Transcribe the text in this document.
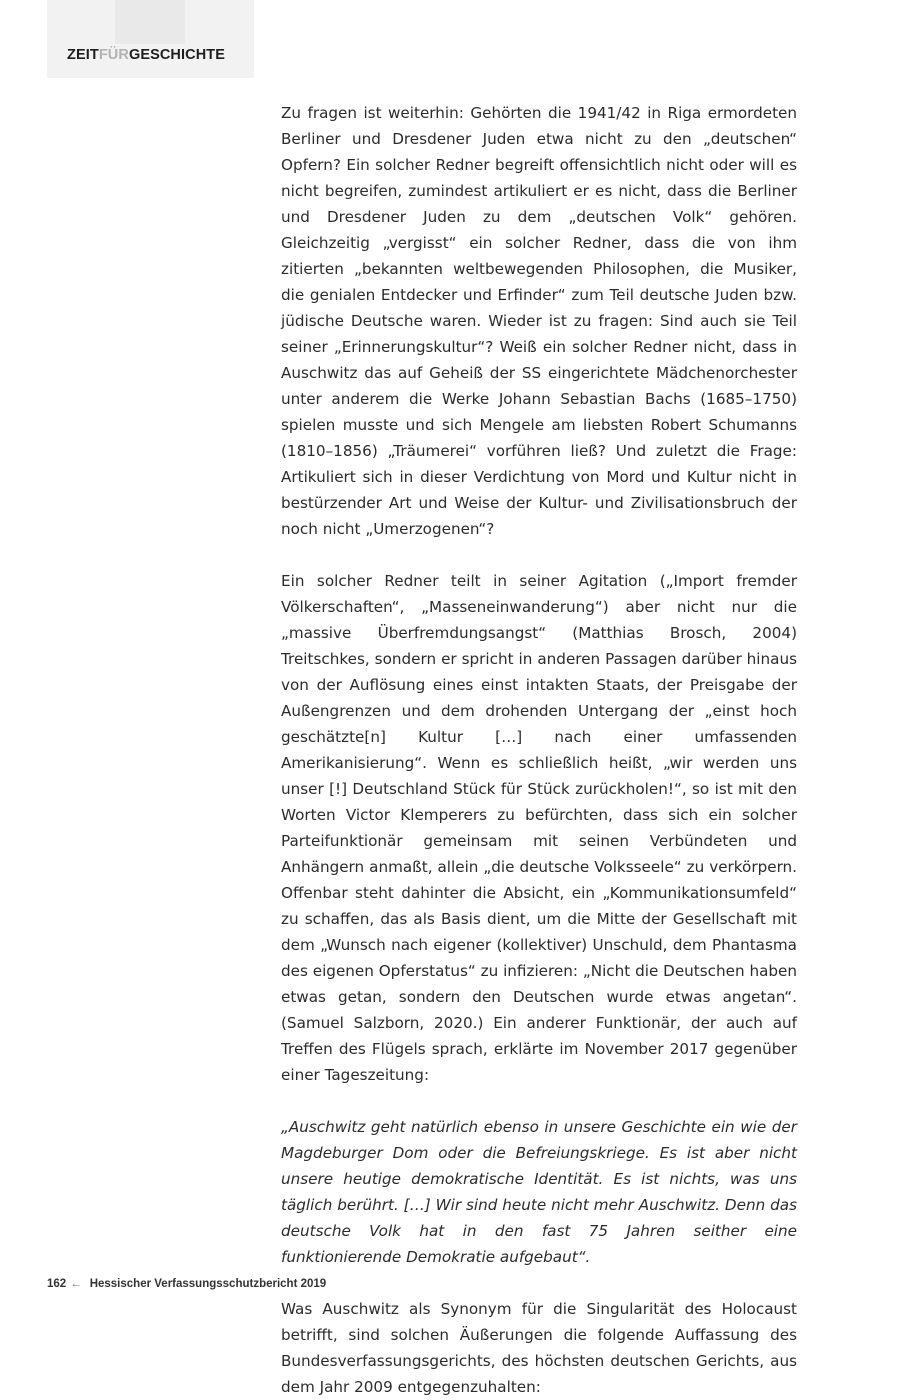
ZEITFÜRGESCHICHTE

Zu fragen ist weiterhin: Gehörten die 1941/42 in Riga ermordeten Berliner und Dresdener Juden etwa nicht zu den „deutschen“ Opfern? Ein solcher Redner begreift offensichtlich nicht oder will es nicht begreifen, zumindest artikuliert er es nicht, dass die Berliner und Dresdener Juden zu dem „deutschen Volk“ gehören. Gleichzeitig „vergisst“ ein solcher Redner, dass die von ihm zitierten „bekannten weltbewegenden Philosophen, die Musiker, die genialen Entdecker und Erfinder“ zum Teil deutsche Juden bzw. jüdische Deutsche waren. Wieder ist zu fragen: Sind auch sie Teil seiner „Erinnerungskultur“? Weiß ein solcher Redner nicht, dass in Auschwitz das auf Geheiß der SS eingerichtete Mädchenorchester unter anderem die Werke Johann Sebastian Bachs (1685–1750) spielen musste und sich Mengele am liebsten Robert Schumanns (1810–1856) „Träumerei“ vorführen ließ? Und zuletzt die Frage: Artikuliert sich in dieser Verdichtung von Mord und Kultur nicht in bestürzender Art und Weise der Kultur- und Zivilisationsbruch der noch nicht „Umerzogenen“?

Ein solcher Redner teilt in seiner Agitation („Import fremder Völkerschaften“, „Masseneinwanderung“) aber nicht nur die „massive Überfremdungsangst“ (Matthias Brosch, 2004) Treitschkes, sondern er spricht in anderen Passagen darüber hinaus von der Auflösung eines einst intakten Staats, der Preisgabe der Außengrenzen und dem drohenden Untergang der „einst hoch geschätzte[n] Kultur […] nach einer umfassenden Amerikanisierung“. Wenn es schließlich heißt, „wir werden uns unser [!] Deutschland Stück für Stück zurückholen!“, so ist mit den Worten Victor Klemperers zu befürchten, dass sich ein solcher Parteifunktionär gemeinsam mit seinen Verbündeten und Anhängern anmaßt, allein „die deutsche Volksseele“ zu verkörpern. Offenbar steht dahinter die Absicht, ein „Kommunikationsumfeld“ zu schaffen, das als Basis dient, um die Mitte der Gesellschaft mit dem „Wunsch nach eigener (kollektiver) Unschuld, dem Phantasma des eigenen Opferstatus“ zu infizieren: „Nicht die Deutschen haben etwas getan, sondern den Deutschen wurde etwas angetan“. (Samuel Salzborn, 2020.) Ein anderer Funktionär, der auch auf Treffen des Flügels sprach, erklärte im November 2017 gegenüber einer Tageszeitung:

„Auschwitz geht natürlich ebenso in unsere Geschichte ein wie der Magdeburger Dom oder die Befreiungskriege. Es ist aber nicht unsere heutige demokratische Identität. Es ist nichts, was uns täglich berührt. […] Wir sind heute nicht mehr Auschwitz. Denn das deutsche Volk hat in den fast 75 Jahren seither eine funktionierende Demokratie aufgebaut“.

Was Auschwitz als Synonym für die Singularität des Holocaust betrifft, sind solchen Äußerungen die folgende Auffassung des Bundesverfassungsgerichts, des höchsten deutschen Gerichts, aus dem Jahr 2009 entgegenzuhalten:

162 ← Hessischer Verfassungsschutzbericht 2019
